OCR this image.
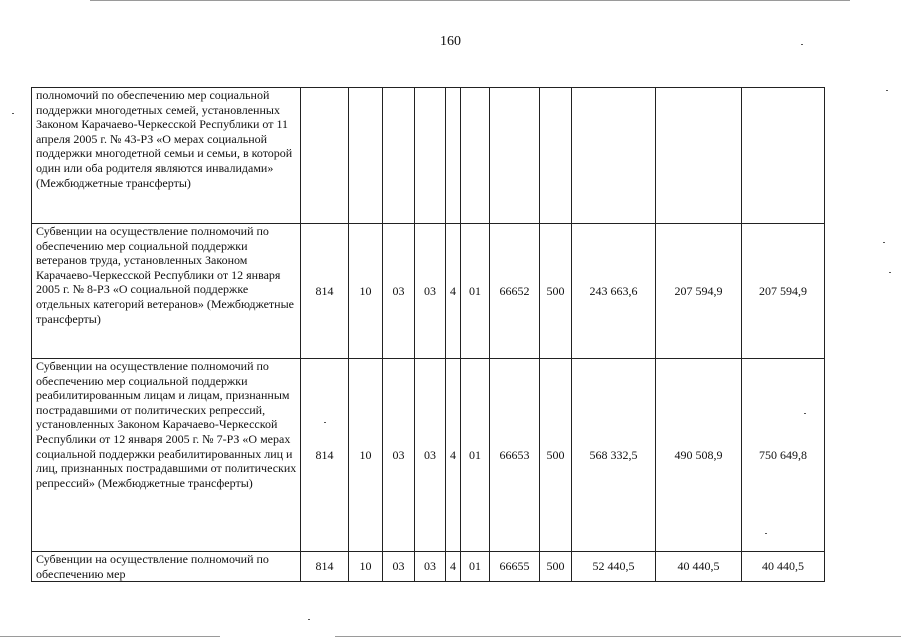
160
полномочий по обеспечению мер социальной поддержки многодетных семей, установленных Законом Карачаево-Черкесской Республики от 11 апреля 2005 г. № 43-РЗ «О мерах социальной поддержки многодетной семьи и семьи, в которой один или оба родителя являются инвалидами» (Межбюджетные трансферты)											
Субвенции на осуществление полномочий по обеспечению мер социальной поддержки ветеранов труда, установленных Законом Карачаево-Черкесской Республики от 12 января 2005 г. № 8-РЗ «О социальной поддержке отдельных категорий ветеранов» (Межбюджетные трансферты)	814	10	03	03	4	01	66652	500	243 663,6	207 594,9	207 594,9
Субвенции на осуществление полномочий по обеспечению мер социальной поддержки реабилитированным лицам и лицам, признанным пострадавшими от политических репрессий, установленных Законом Карачаево-Черкесской Республики от 12 января 2005 г. № 7-РЗ «О мерах социальной поддержки реабилитированных лиц и лиц, признанных пострадавшими от политических репрессий» (Межбюджетные трансферты)	814	10	03	03	4	01	66653	500	568 332,5	490 508,9	750 649,8
Субвенции на осуществление полномочий по обеспечению мер	814	10	03	03	4	01	66655	500	52 440,5	40 440,5	40 440,5
